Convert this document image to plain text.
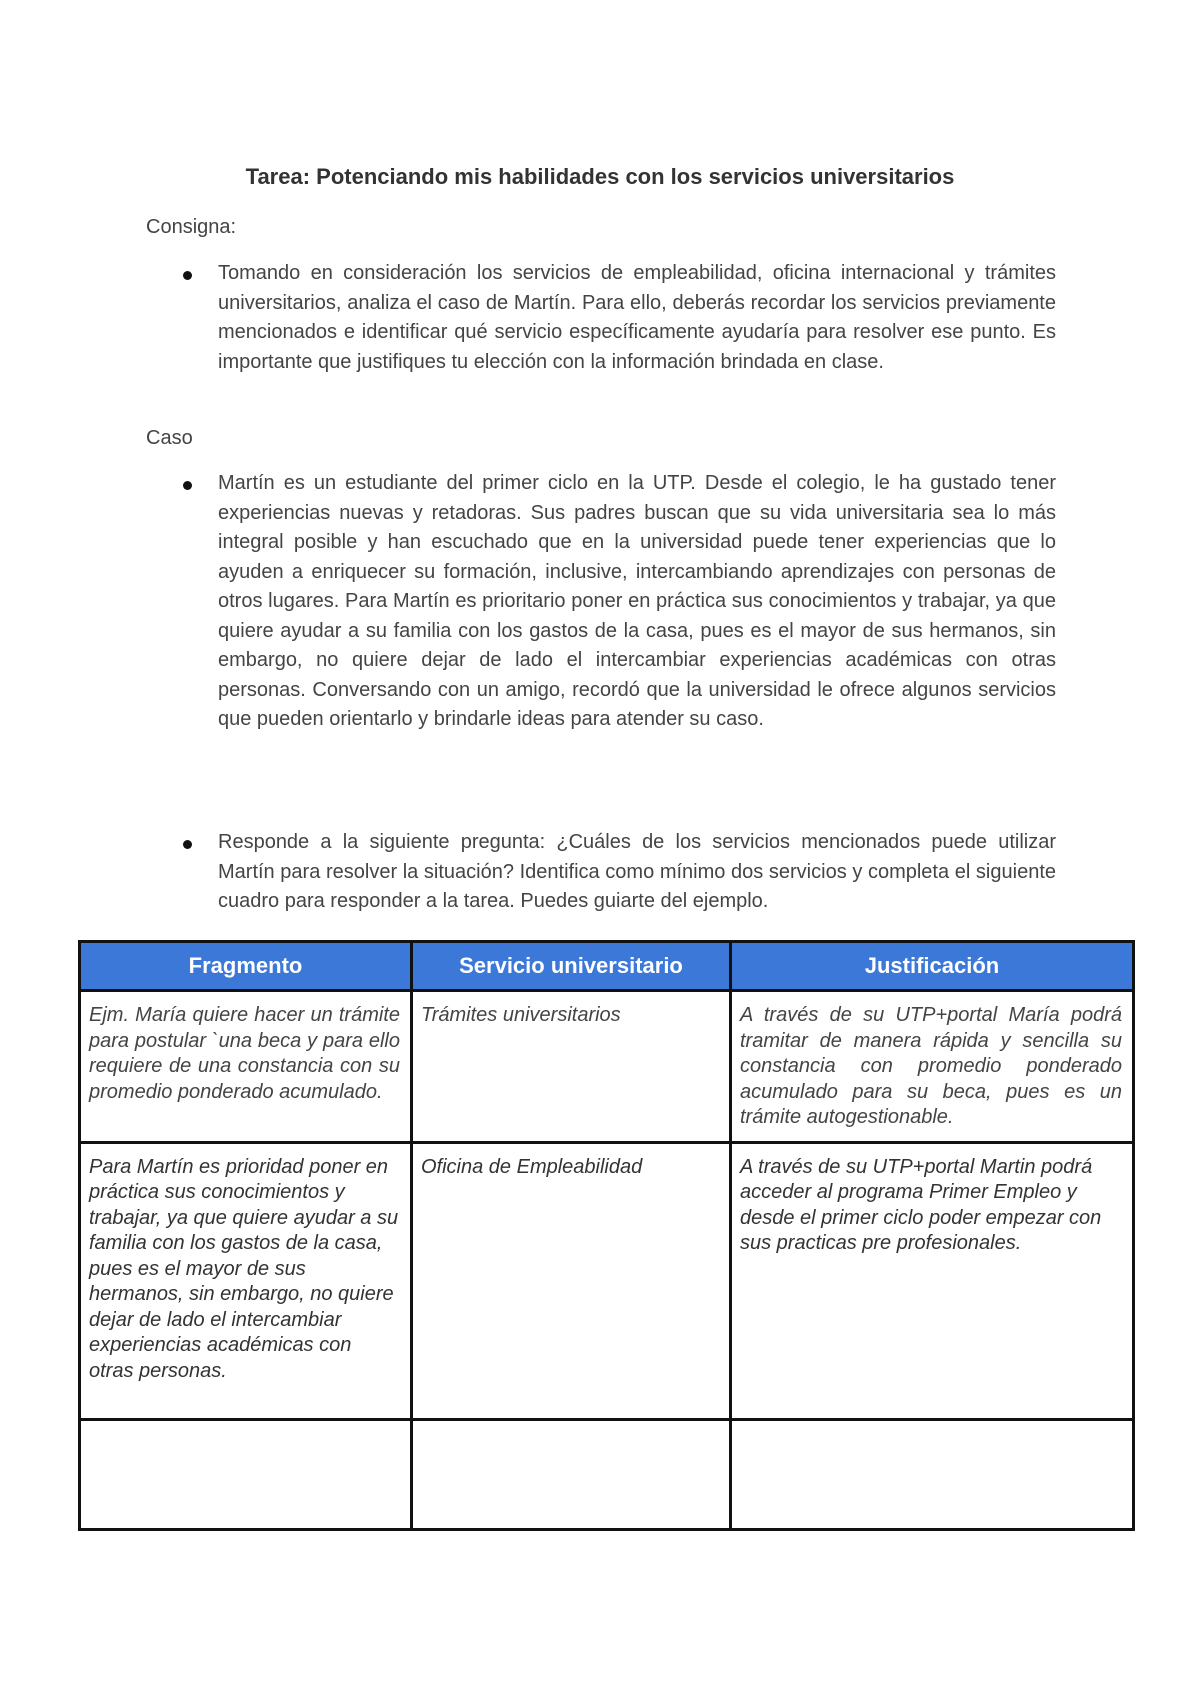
Tarea: Potenciando mis habilidades con los servicios universitarios

Consigna:

Tomando en consideración los servicios de empleabilidad, oficina internacional y trámites universitarios, analiza el caso de Martín. Para ello, deberás recordar los servicios previamente mencionados e identificar qué servicio específicamente ayudaría para resolver ese punto. Es importante que justifiques tu elección con la información brindada en clase.

Caso

Martín es un estudiante del primer ciclo en la UTP. Desde el colegio, le ha gustado tener experiencias nuevas y retadoras. Sus padres buscan que su vida universitaria sea lo más integral posible y han escuchado que en la universidad puede tener experiencias que lo ayuden a enriquecer su formación, inclusive, intercambiando aprendizajes con personas de otros lugares. Para Martín es prioritario poner en práctica sus conocimientos y trabajar, ya que quiere ayudar a su familia con los gastos de la casa, pues es el mayor de sus hermanos, sin embargo, no quiere dejar de lado el intercambiar experiencias académicas con otras personas. Conversando con un amigo, recordó que la universidad le ofrece algunos servicios que pueden orientarlo y brindarle ideas para atender su caso.

Responde a la siguiente pregunta: ¿Cuáles de los servicios mencionados puede utilizar Martín para resolver la situación? Identifica como mínimo dos servicios y completa el siguiente cuadro para responder a la tarea. Puedes guiarte del ejemplo.

Fragmento	Servicio universitario	Justificación
Ejm. María quiere hacer un trámite para postular `una beca y para ello requiere de una constancia con su promedio ponderado acumulado.	Trámites universitarios	A través de su UTP+portal María podrá tramitar de manera rápida y sencilla su constancia con promedio ponderado acumulado para su beca, pues es un trámite autogestionable.
Para Martín es prioridad poner en práctica sus conocimientos y trabajar, ya que quiere ayudar a su familia con los gastos de la casa, pues es el mayor de sus hermanos, sin embargo, no quiere dejar de lado el intercambiar experiencias académicas con otras personas.	Oficina de Empleabilidad	A través de su UTP+portal Martin podrá acceder al programa Primer Empleo y desde el primer ciclo poder empezar con sus practicas pre profesionales.
